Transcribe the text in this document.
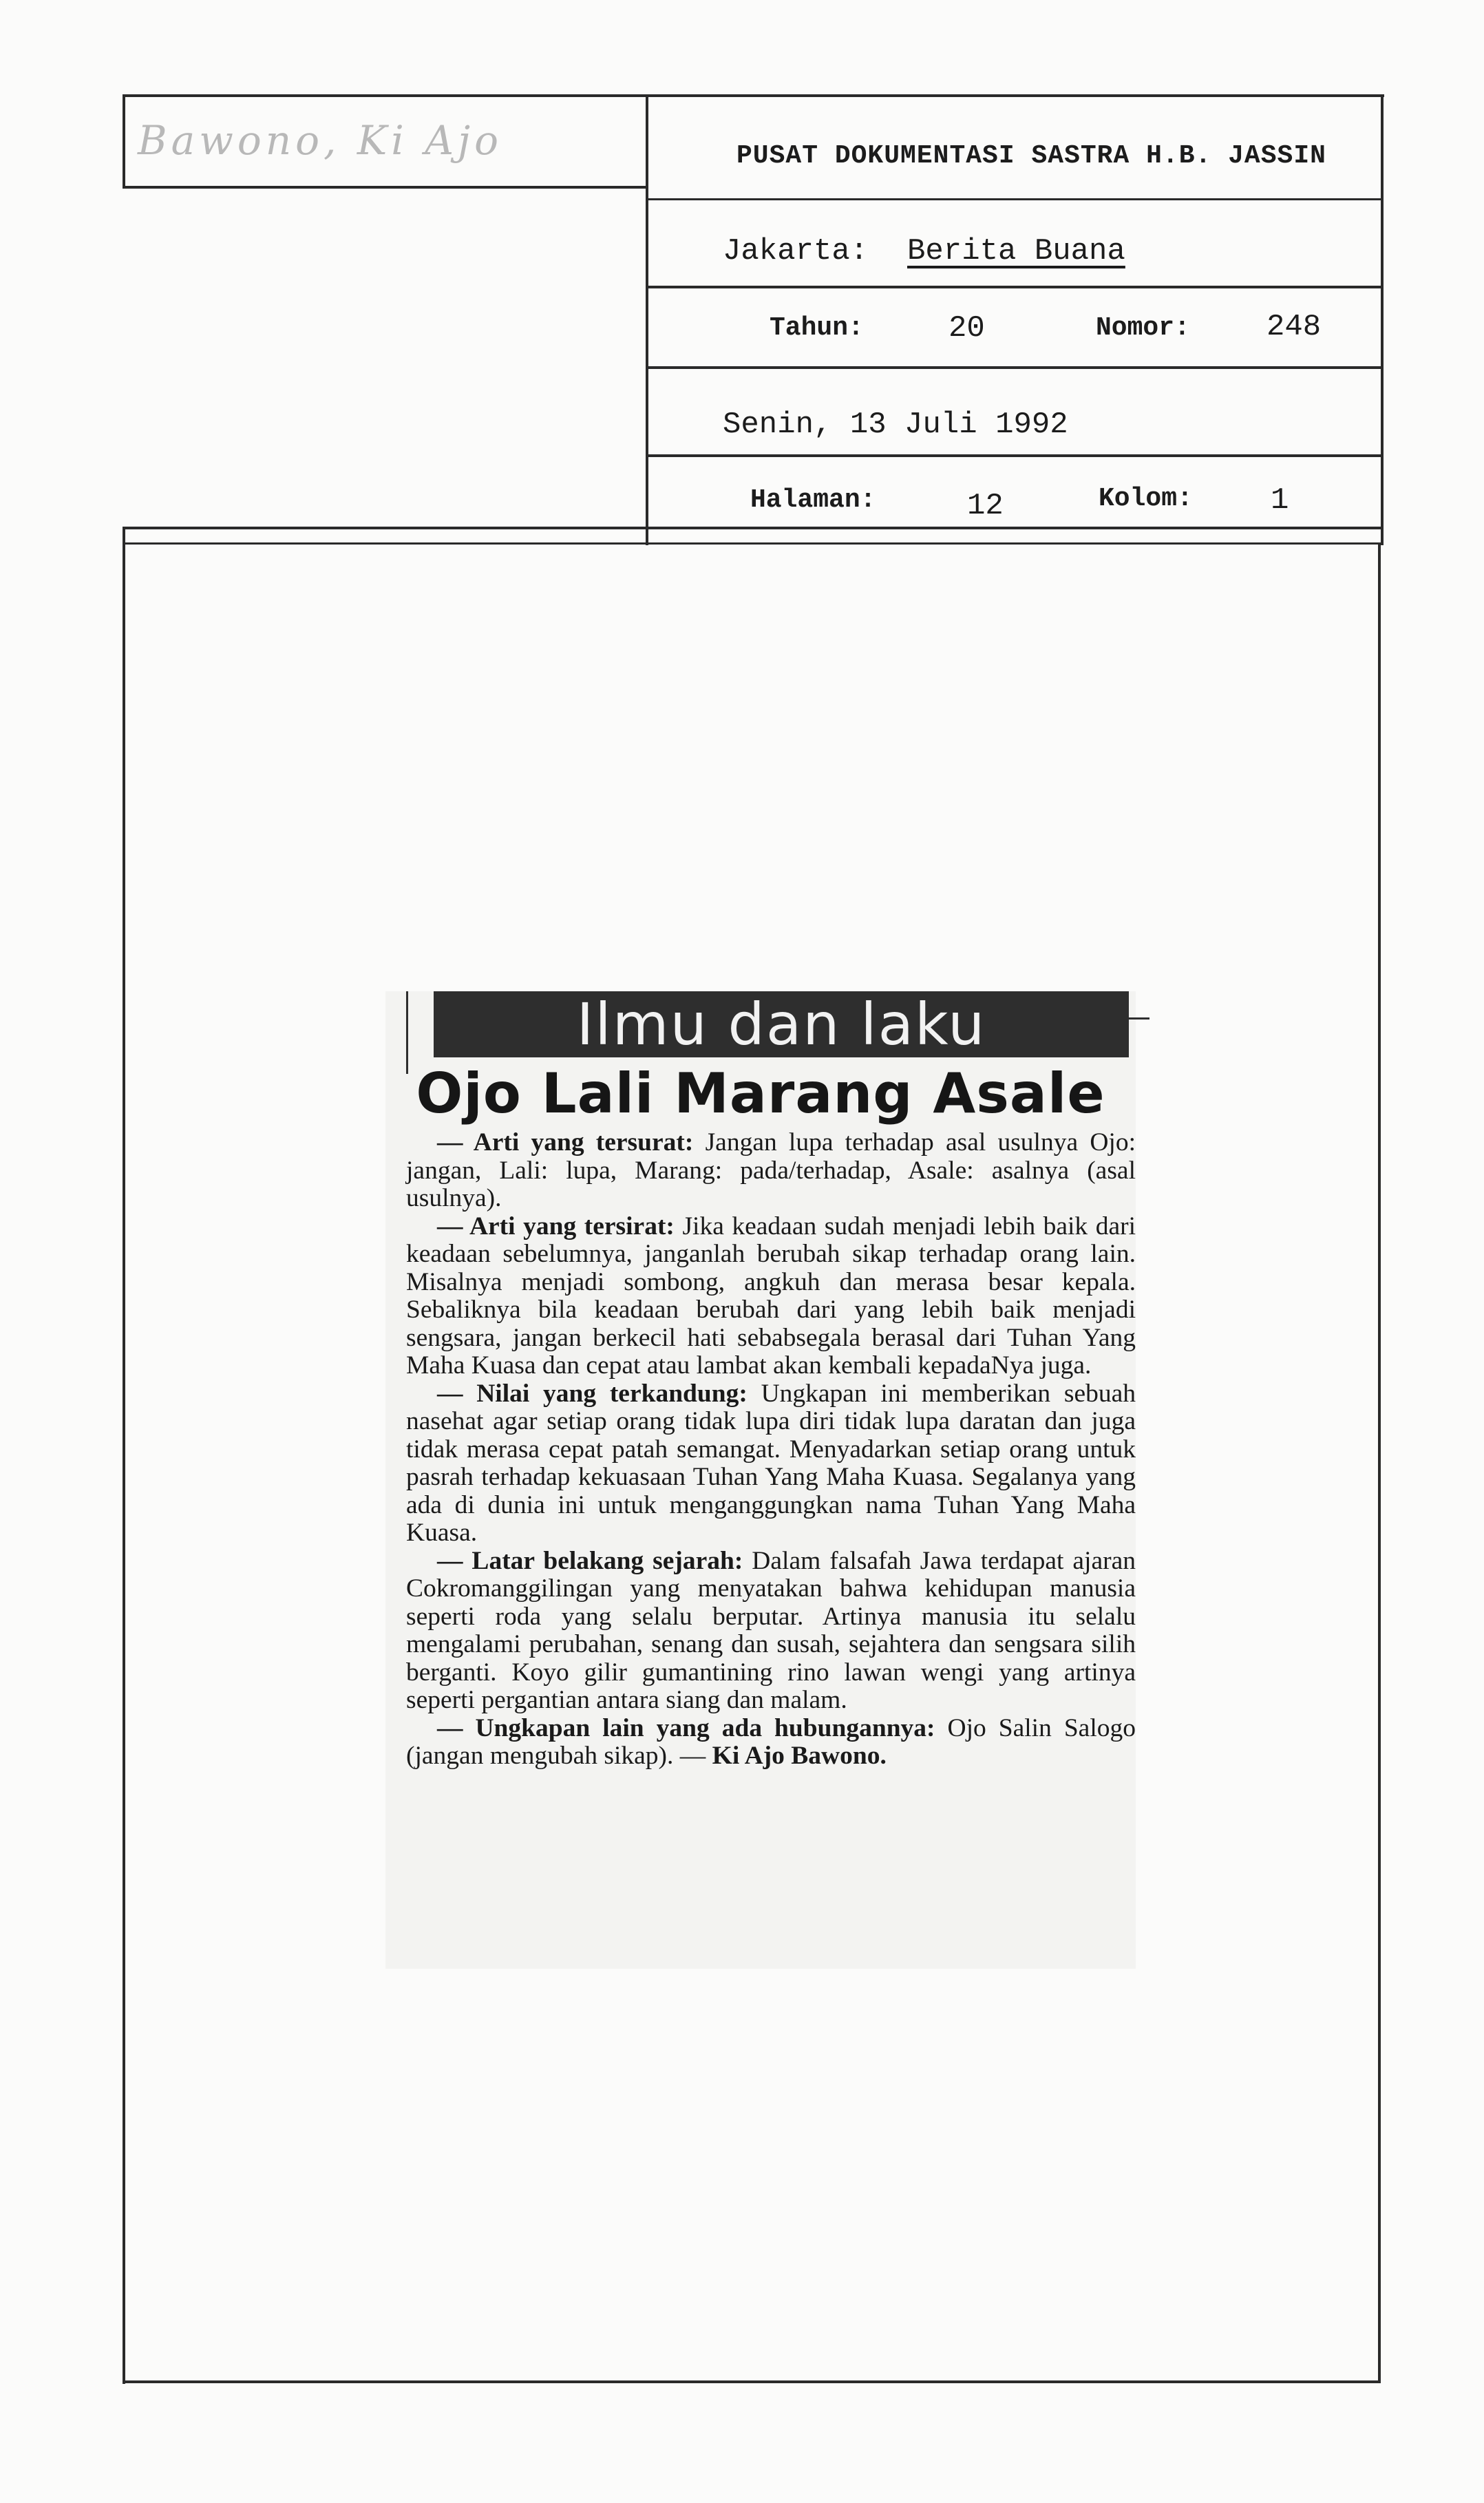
Bawono, Ki Ajo	PUSAT DOKUMENTASI SASTRA H.B. JASSIN
Jakarta: Berita Buana
Tahun:	20	Nomor:	248
Senin, 13 Juli 1992
Halaman:	12	Kolom:	1
Ilmu dan laku
Ojo Lali Marang Asale

— Arti yang tersurat: Jangan lupa terhadap asal usulnya Ojo: jangan, Lali: lupa, Marang: pada/terhadap, Asale: asalnya (asal usulnya).

— Arti yang tersirat: Jika keadaan sudah menjadi lebih baik dari keadaan sebelumnya, janganlah berubah sikap terhadap orang lain. Misalnya menjadi sombong, angkuh dan merasa besar kepala. Sebaliknya bila keadaan berubah dari yang lebih baik menjadi sengsara, jangan berkecil hati sebabsegala berasal dari Tuhan Yang Maha Kuasa dan cepat atau lambat akan kembali kepadaNya juga.

— Nilai yang terkandung: Ungkapan ini memberikan sebuah nasehat agar setiap orang tidak lupa diri tidak lupa daratan dan juga tidak merasa cepat patah semangat. Menyadarkan setiap orang untuk pasrah terhadap kekuasaan Tuhan Yang Maha Kuasa. Segalanya yang ada di dunia ini untuk menganggungkan nama Tuhan Yang Maha Kuasa.

— Latar belakang sejarah: Dalam falsafah Jawa terdapat ajaran Cokromanggilingan yang menyatakan bahwa kehidupan manusia seperti roda yang selalu berputar. Artinya manusia itu selalu mengalami perubahan, senang dan susah, sejahtera dan sengsara silih berganti. Koyo gilir gumantining rino lawan wengi yang artinya seperti pergantian antara siang dan malam.

— Ungkapan lain yang ada hubungannya: Ojo Salin Salogo (jangan mengubah sikap). — Ki Ajo Bawono.
